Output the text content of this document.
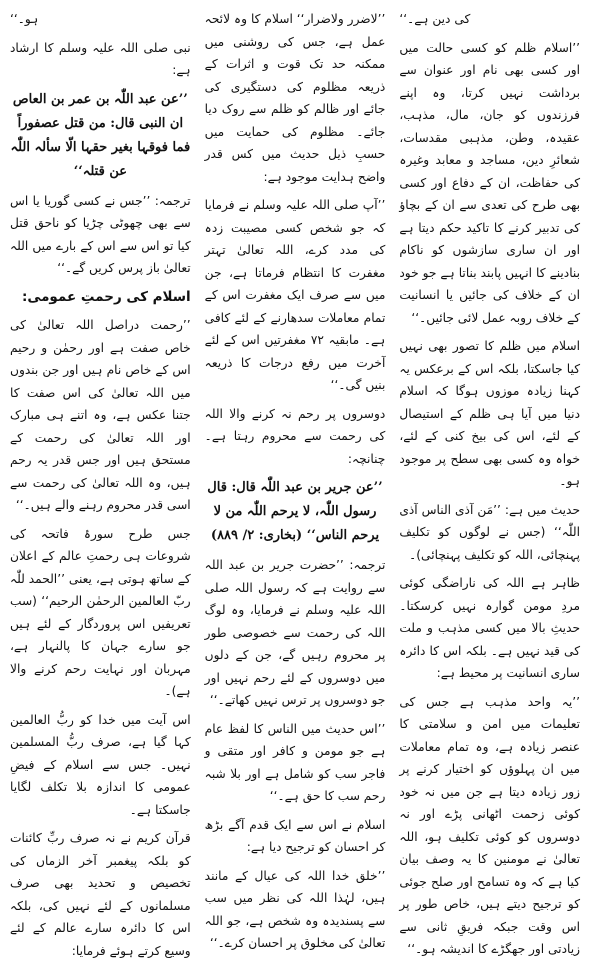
کی دین ہے۔‘‘

’’اسلام ظلم کو کسی حالت میں اور کسی بھی نام اور عنوان سے برداشت نہیں کرتا، وہ اپنے فرزندوں کو جان، مال، مذہب، عقیدہ، وطن، مذہبی مقدسات، شعائرِ دین، مساجد و معابد وغیرہ کی حفاظت، ان کے دفاع اور کسی بھی طرح کی تعدی سے ان کے بچاؤ کی تدبیر کرنے کا تاکید حکم دیتا ہے اور ان ساری سازشوں کو ناکام بنادینے کا انہیں پابند بناتا ہے جو خود ان کے خلاف کی جائیں یا انسانیت کے خلاف روبہ عمل لائی جائیں۔‘‘

اسلام میں ظلم کا تصور بھی نہیں کیا جاسکتا، بلکہ اس کے برعکس یہ کہنا زیادہ موزوں ہوگا کہ اسلام دنیا میں آیا ہی ظلم کے استیصال کے لئے، اس کی بیخ کنی کے لئے، خواہ وہ کسی بھی سطح پر موجود ہو۔

حدیث میں ہے: ’’مَن آذی الناس آذی اللّٰہ‘‘ (جس نے لوگوں کو تکلیف پہنچائی، اللہ کو تکلیف پہنچائی)۔

ظاہر ہے اللہ کی ناراضگی کوئی مردِ مومن گوارہ نہیں کرسکتا۔ حدیثِ بالا میں کسی مذہب و ملت کی قید نہیں ہے۔ بلکہ اس کا دائرہ ساری انسانیت پر محیط ہے:

’’یہ واحد مذہب ہے جس کی تعلیمات میں امن و سلامتی کا عنصر زیادہ ہے، وہ تمام معاملات میں ان پہلوؤں کو اختیار کرنے پر زور زیادہ دیتا ہے جن میں نہ خود کوئی زحمت اٹھانی پڑے اور نہ دوسروں کو کوئی تکلیف ہو، اللہ تعالیٰ نے مومنین کا یہ وصف بیان کیا ہے کہ وہ تسامح اور صلح جوئی کو ترجیح دیتے ہیں، خاص طور پر اس وقت جبکہ فریقِ ثانی سے زیادتی اور جھگڑے کا اندیشہ ہو۔‘‘

’’لاضرر ولاضرار‘‘ اسلام کا وہ لائحہ عمل ہے، جس کی روشنی میں ممکنہ حد تک قوت و اثرات کے ذریعہ مظلوم کی دستگیری کی جائے اور ظالم کو ظلم سے روک دیا جائے۔ مظلوم کی حمایت میں حسبِ ذیل حدیث میں کس قدر واضح ہدایت موجود ہے:

’’آپ صلی اللہ علیہ وسلم نے فرمایا کہ جو شخص کسی مصیبت زدہ کی مدد کرے، اللہ تعالیٰ تہتر مغفرت کا انتظام فرماتا ہے، جن میں سے صرف ایک مغفرت اس کے تمام معاملات سدھارنے کے لئے کافی ہے۔ مابقیہ ۷۲ مغفرتیں اس کے لئے آخرت میں رفع درجات کا ذریعہ بنیں گی۔‘‘

دوسروں پر رحم نہ کرنے والا اللہ کی رحمت سے محروم رہتا ہے۔ چنانچہ:

’’عن جریر بن عبد اللّٰہ قال: قال رسول اللّٰہ، لا یرحم اللّٰہ من لا یرحم الناس‘‘ (بخاری: ۲/ ۸۸۹)

ترجمہ: ’’حضرت جریر بن عبد اللہ سے روایت ہے کہ رسول اللہ صلی اللہ علیہ وسلم نے فرمایا، وہ لوگ اللہ کی رحمت سے خصوصی طور پر محروم رہیں گے، جن کے دلوں میں دوسروں کے لئے رحم نہیں اور جو دوسروں پر ترس نہیں کھاتے۔‘‘

’’اس حدیث میں الناس کا لفظ عام ہے جو مومن و کافر اور متقی و فاجر سب کو شامل ہے اور بلا شبہ رحم سب کا حق ہے۔‘‘

اسلام نے اس سے ایک قدم آگے بڑھ کر احسان کو ترجیح دیا ہے:

’’خلق خدا اللہ کی عیال کے مانند ہیں، لہٰذا اللہ کی نظر میں سب سے پسندیدہ وہ شخص ہے، جو اللہ تعالیٰ کی مخلوق پر احسان کرے۔‘‘

ہو۔‘‘

نبی صلی اللہ علیہ وسلم کا ارشاد ہے:

’’عن عبد اللّٰہ بن عمر بن العاص ان النبی قال: من قتل عصفوراً فما فوقہا بغیر حقہا الّا سألہ اللّٰہ عن قتلہ‘‘

ترجمہ: ’’جس نے کسی گوریا یا اس سے بھی چھوٹی چڑیا کو ناحق قتل کیا تو اس سے اس کے بارے میں اللہ تعالیٰ باز پرس کریں گے۔‘‘

اسلام کی رحمتِ عمومی:

’’رحمت دراصل اللہ تعالیٰ کی خاص صفت ہے اور رحمٰن و رحیم اس کے خاص نام ہیں اور جن بندوں میں اللہ تعالیٰ کی اس صفت کا جتنا عکس ہے، وہ اتنے ہی مبارک اور اللہ تعالیٰ کی رحمت کے مستحق ہیں اور جس قدر یہ رحم ہیں، وہ اللہ تعالیٰ کی رحمت سے اسی قدر محروم رہنے والے ہیں۔‘‘

جس طرح سورۂ فاتحہ کی شروعات ہی رحمتِ عالم کے اعلان کے ساتھ ہوتی ہے، یعنی ’’الحمد للّٰہ ربّ العالمین الرحمٰن الرحیم‘‘ (سب تعریفیں اس پروردگار کے لئے ہیں جو سارے جہان کا پالنہار ہے، مہربان اور نہایت رحم کرنے والا ہے)۔

اس آیت میں خدا کو ربُّ العالمین کہا گیا ہے، صرف ربُّ المسلمین نہیں۔ جس سے اسلام کے فیضِ عمومی کا اندازہ بلا تکلف لگایا جاسکتا ہے۔

قرآن کریم نے نہ صرف ربِّ کائنات کو بلکہ پیغمبر آخر الزماں کی تخصیص و تحدید بھی صرف مسلمانوں کے لئے نہیں کی، بلکہ اس کا دائرہ سارے عالم کے لئے وسیع کرتے ہوئے فرمایا:
